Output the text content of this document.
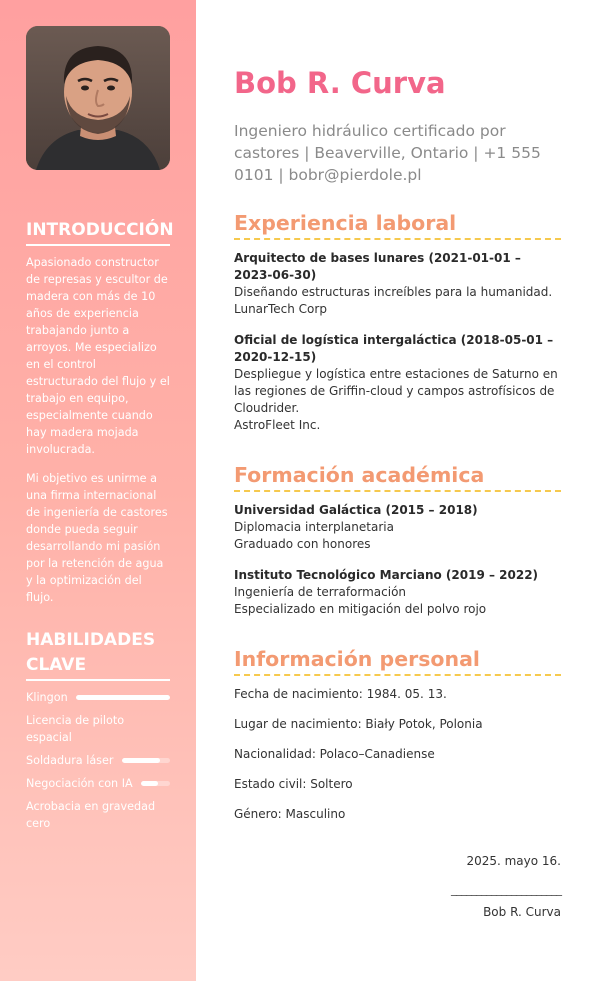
INTRODUCCIÓN

Apasionado constructor de represas y escultor de madera con más de 10 años de experiencia trabajando junto a arroyos. Me especializo en el control estructurado del flujo y el trabajo en equipo, especialmente cuando hay madera mojada involucrada.

Mi objetivo es unirme a una firma internacional de ingeniería de castores donde pueda seguir desarrollando mi pasión por la retención de agua y la optimización del flujo.

HABILIDADES CLAVE
Klingon
Licencia de piloto espacial
Soldadura láser
Negociación con IA
Acrobacia en gravedad cero
Bob R. Curva

Ingeniero hidráulico certificado por castores | Beaverville, Ontario | +1 555 0101 | bobr@pierdole.pl

Experiencia laboral
Arquitecto de bases lunares (2021-01-01 – 2023-06-30)
Diseñando estructuras increíbles para la humanidad.
LunarTech Corp
Oficial de logística intergaláctica (2018-05-01 – 2020-12-15)
Despliegue y logística entre estaciones de Saturno en las regiones de Griffin-cloud y campos astrofísicos de Cloudrider.
AstroFleet Inc.
Formación académica
Universidad Galáctica (2015 – 2018)
Diplomacia interplanetaria
Graduado con honores
Instituto Tecnológico Marciano (2019 – 2022)
Ingeniería de terraformación
Especializado en mitigación del polvo rojo
Información personal
Fecha de nacimiento: 1984. 05. 13.
Lugar de nacimiento: Biały Potok, Polonia
Nacionalidad: Polaco–Canadiense
Estado civil: Soltero
Género: Masculino
2025. mayo 16.
______________________
Bob R. Curva
